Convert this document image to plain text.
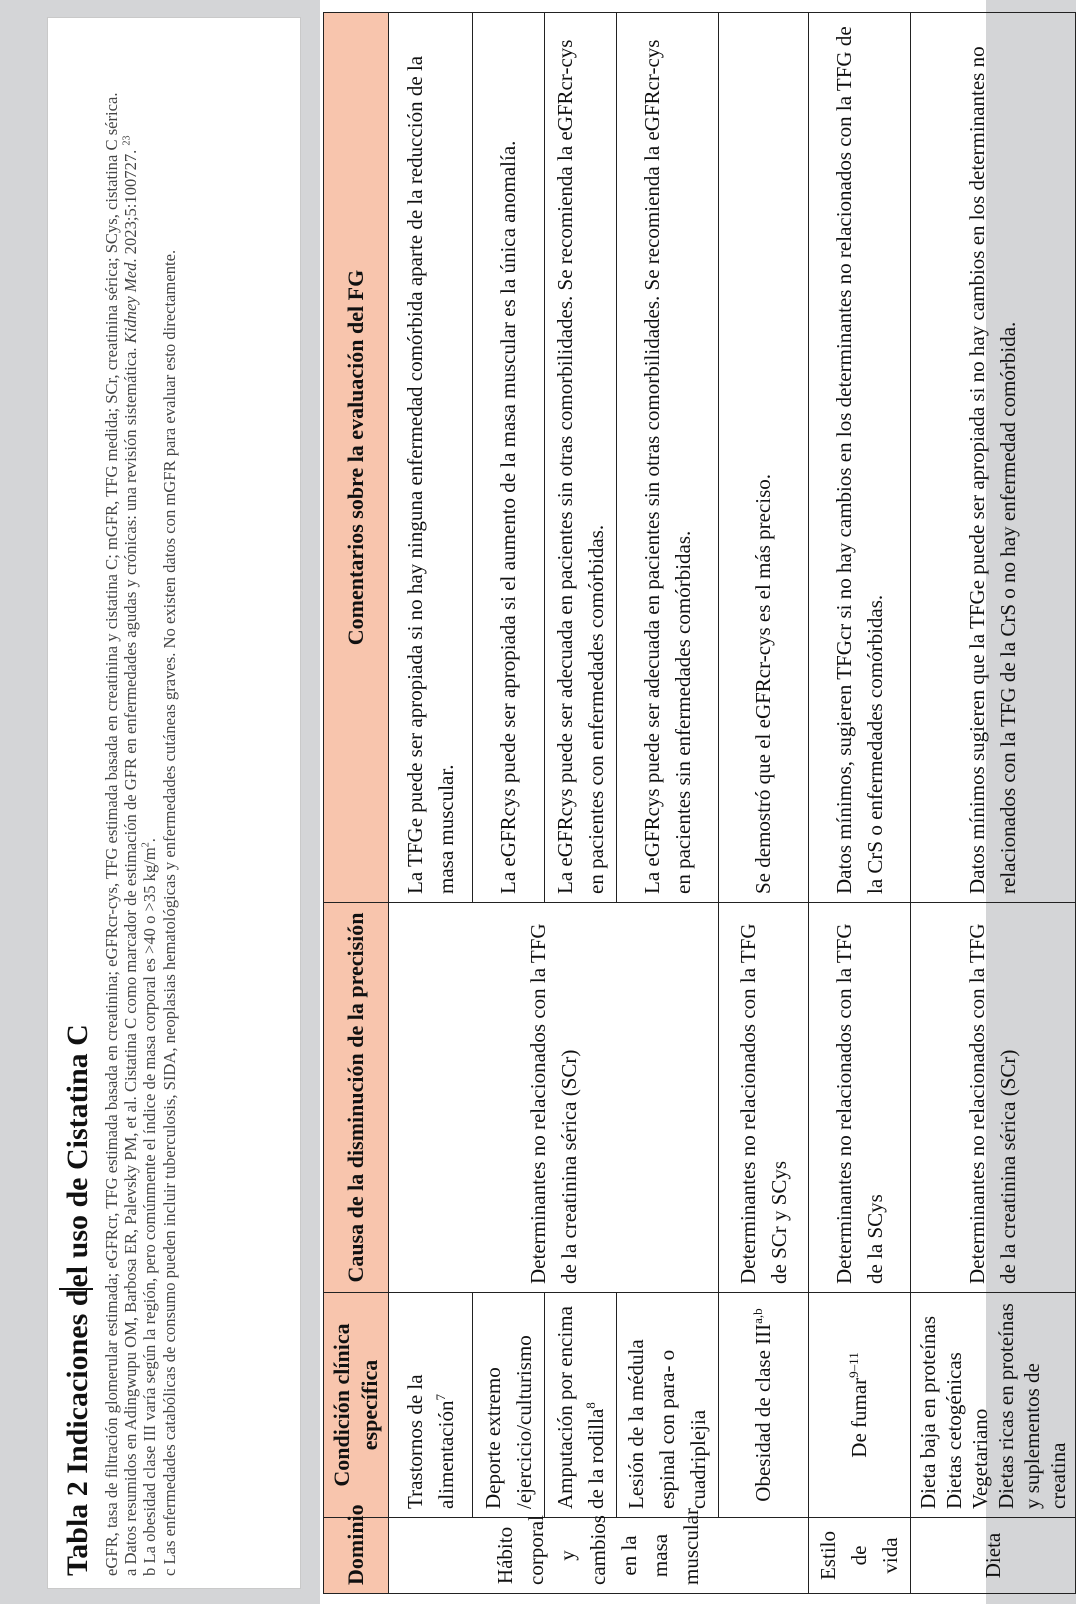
Tabla 2 Indicaciones del uso de Cistatina C eGFR, tasa de filtración glomerular estimada; eGFRcr, TFG estimada basada en creatinina; eGFRcr-cys, TFG estimada basada en creatinina y cistatina C; mGFR, TFG medida; SCr, creatinina sérica; SCys, cistatina C sérica. a Datos resumidos en Adingwupu OM, Barbosa ER, Palevsky PM, et al. Cistatina C como marcador de estimación de GFR en enfermedades agudas y crónicas: una revisión sistemática. Kidney Med. 2023;5:100727. $^{23}$

b La obesidad clase III varía según la región, pero comúnmente el índice de masa corporal es >40 o >35 $kg/m^2$. c Las enfermedades catabólicas de consumo pueden incluir tuberculosis, SIDA, neoplasias hematológicas y enfermedades cutáneas graves. No existen datos con mGFR para evaluar esto directamente.	Dominio	Condición clínica específica	Causa de la disminución de la precisión	Comentarios sobre la evaluación del FG
Hábito corporal y cambios en la masa muscular	Trastornos de la alimentación$^7$	Determinantes no relacionados con la TFG de la creatinina sérica (SCr)	La TFGe puede ser apropiada si no hay ninguna enfermedad comórbida aparte de la reducción de la masa muscular.
	Deporte extremo /ejercicio/culturismo		La eGFRcys puede ser apropiada si el aumento de la masa muscular es la única anomalía.
	Amputación por encima de la rodilla$^8$		La eGFRcys puede ser adecuada en pacientes sin otras comorbilidades. Se recomienda la eGFRcr-cys en pacientes con enfermedades comórbidas.
	Lesión de la médula espinal con para- o cuadriplejia		La eGFRcys puede ser adecuada en pacientes sin otras comorbilidades. Se recomienda la eGFRcr-cys en pacientes sin enfermedades comórbidas.
	Obesidad de clase III$^{a,b}$	Determinantes no relacionados con la TFG de SCr y SCys	Se demostró que el eGFRcr-cys es el más preciso.
Estilo de vida	De fumar$^{9-11}$	Determinantes no relacionados con la TFG de la SCys	Datos mínimos, sugieren TFGcr si no hay cambios en los determinantes no relacionados con la TFG de la CrS o enfermedades comórbidas.
Dieta	Dieta baja en proteínas Dietas cetogénicas Vegetariano Dietas ricas en proteínas y suplementos de creatina	Determinantes no relacionados con la TFG de la creatinina sérica (SCr)	Datos mínimos sugieren que la TFGe puede ser apropiada si no hay cambios en los determinantes no relacionados con la TFG de la CrS o no hay enfermedad comórbida.
